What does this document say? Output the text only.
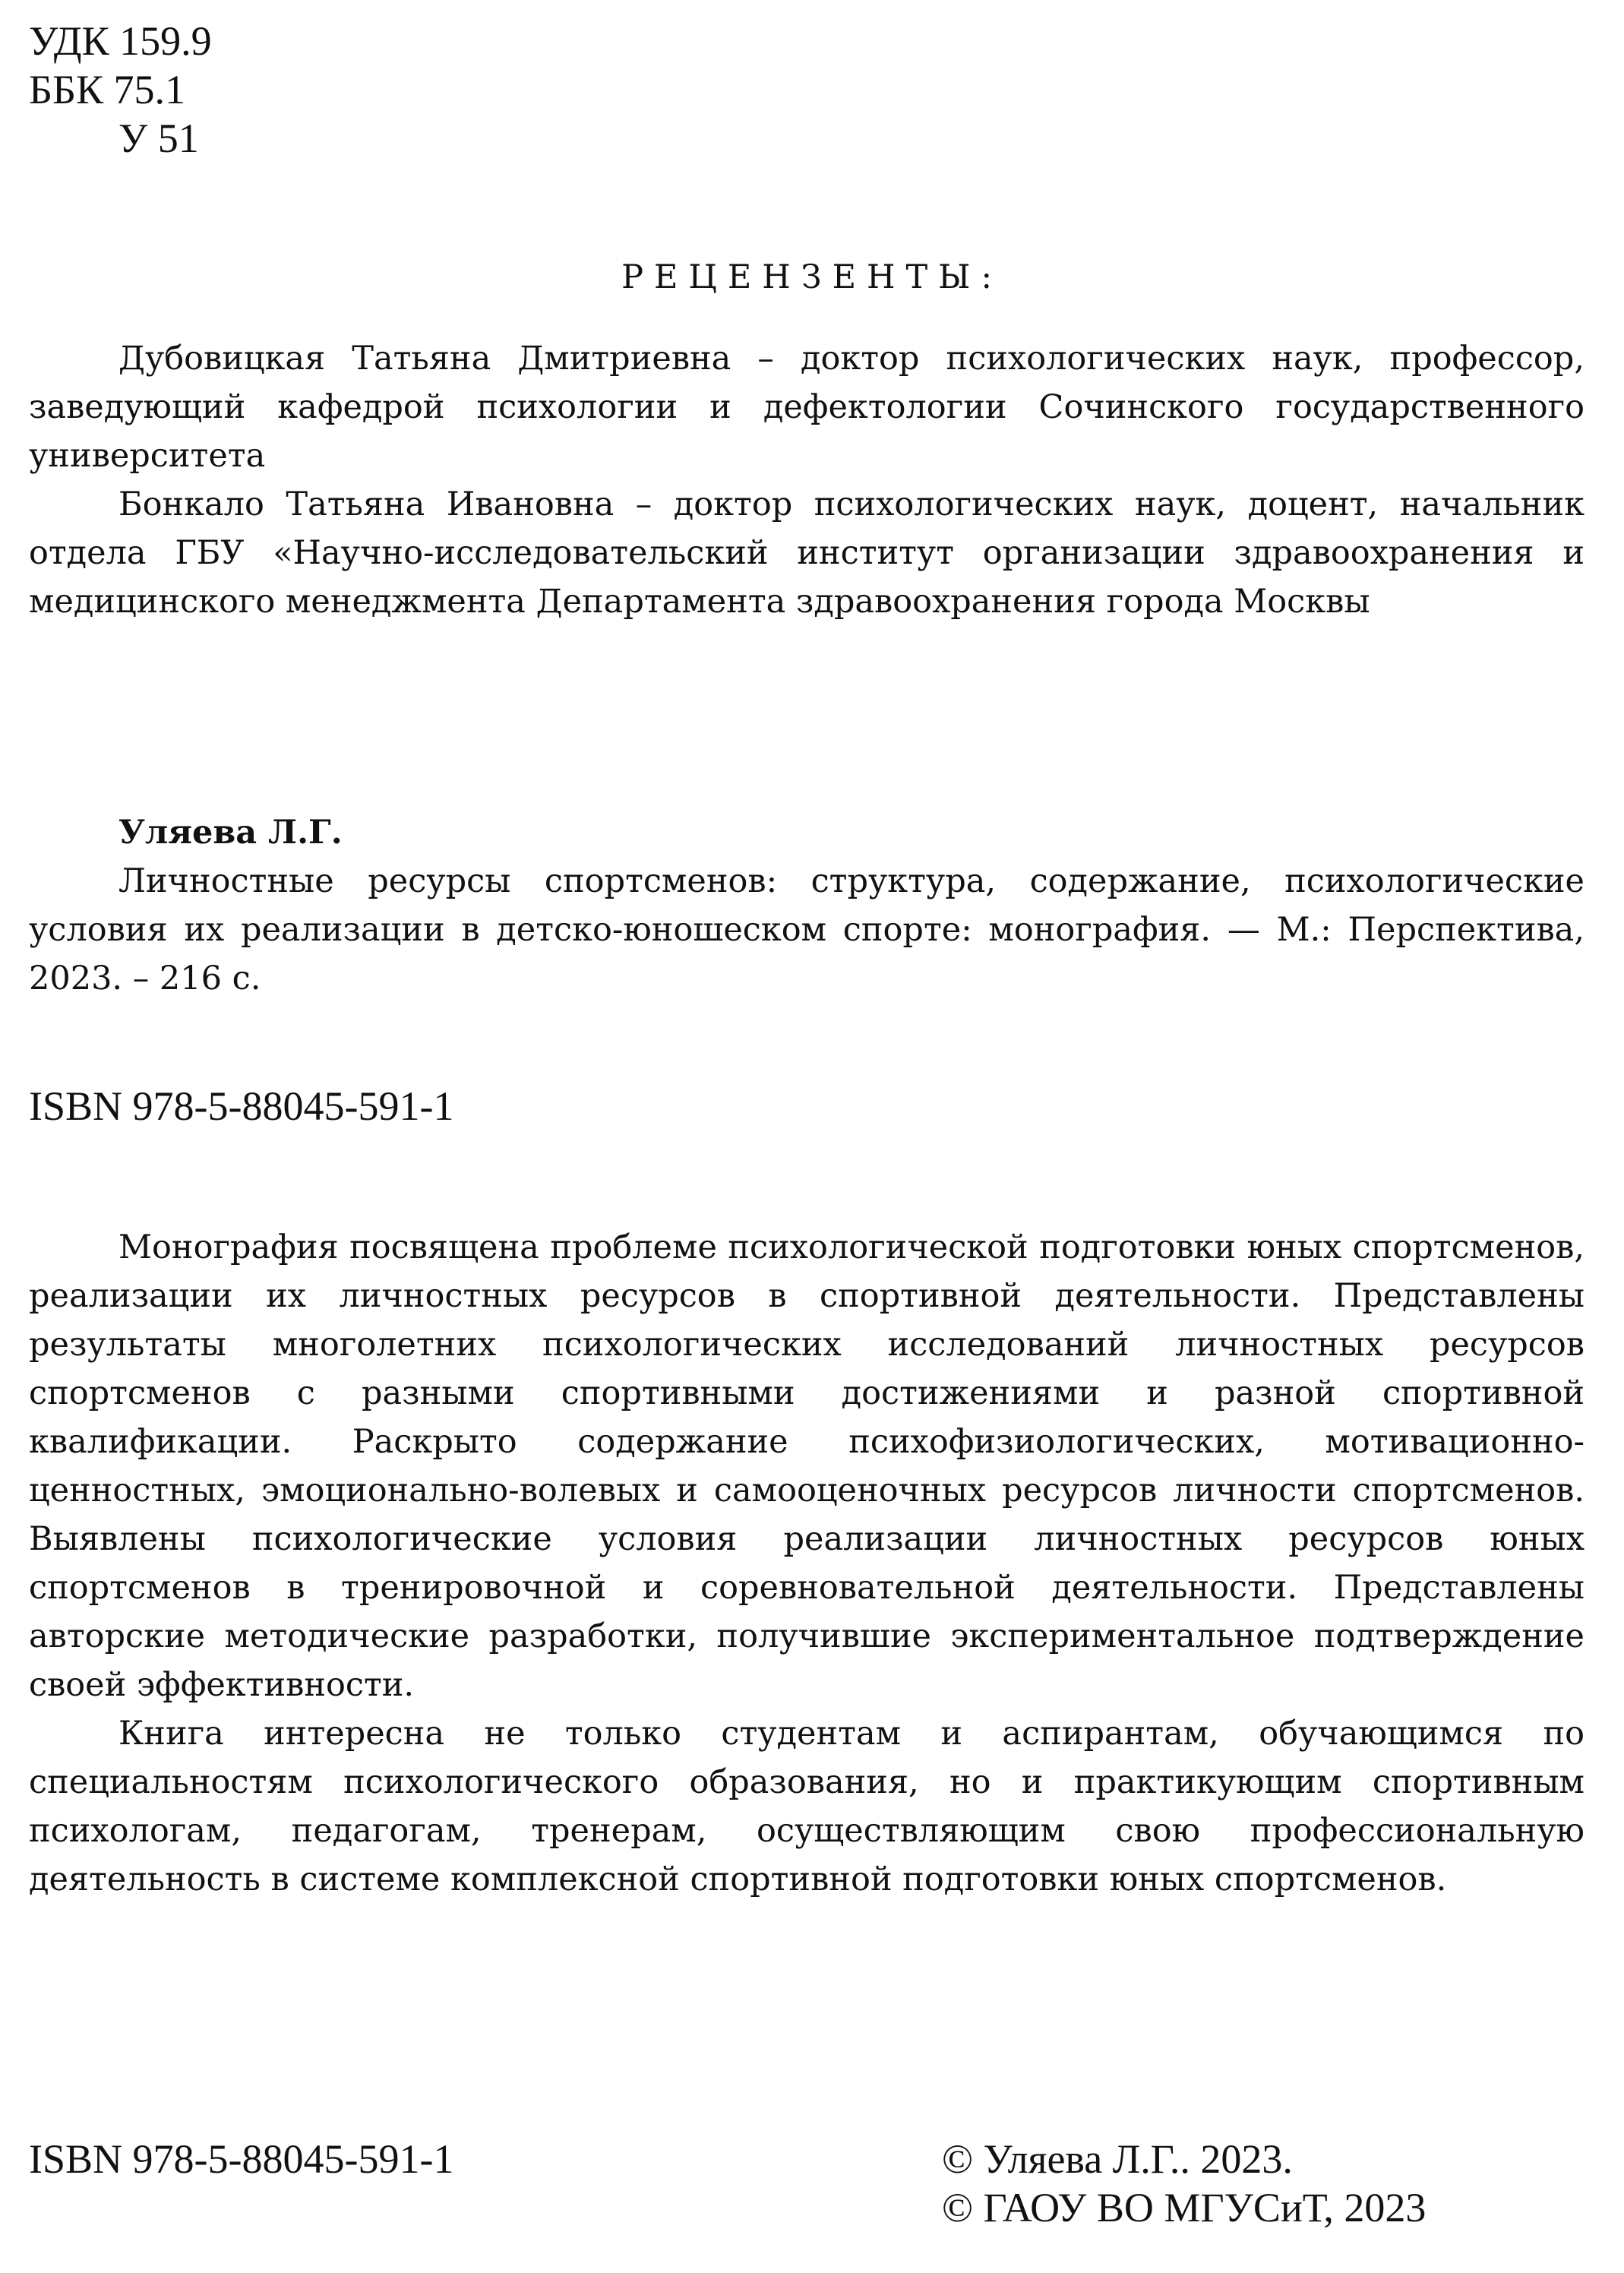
УДК 159.9
ББК 75.1
У 51
РЕЦЕНЗЕНТЫ:

Дубовицкая Татьяна Дмитриевна – доктор психологических наук, профессор, заведующий кафедрой психологии и дефектологии Сочинского государственного университета

Бонкало Татьяна Ивановна – доктор психологических наук, доцент, начальник отдела ГБУ «Научно-исследовательский институт организации здравоохранения и медицинского менеджмента Департамента здравоохранения города Москвы

Уляева Л.Г.

Личностные ресурсы спортсменов: структура, содержание, психологические условия их реализации в детско-юношеском спорте: монография. — М.: Перспектива, 2023. – 216 с.

ISBN 978-5-88045-591-1

Монография посвящена проблеме психологической подготовки юных спортсменов, реализации их личностных ресурсов в спортивной деятельности. Представлены результаты многолетних психологических исследований личностных ресурсов спортсменов с разными спортивными достижениями и разной спортивной квалификации. Раскрыто содержание психофизиологических, мотивационно-ценностных, эмоционально-волевых и самооценочных ресурсов личности спортсменов. Выявлены психологические условия реализации личностных ресурсов юных спортсменов в тренировочной и соревновательной деятельности. Представлены авторские методические разработки, получившие экспериментальное подтверждение своей эффективности.

Книга интересна не только студентам и аспирантам, обучающимся по специальностям психологического образования, но и практикующим спортивным психологам, педагогам, тренерам, осуществляющим свою профессиональную деятельность в системе комплексной спортивной подготовки юных спортсменов.

ISBN 978-5-88045-591-1	© Уляева Л.Г.. 2023.
© ГАОУ ВО МГУСиТ, 2023
